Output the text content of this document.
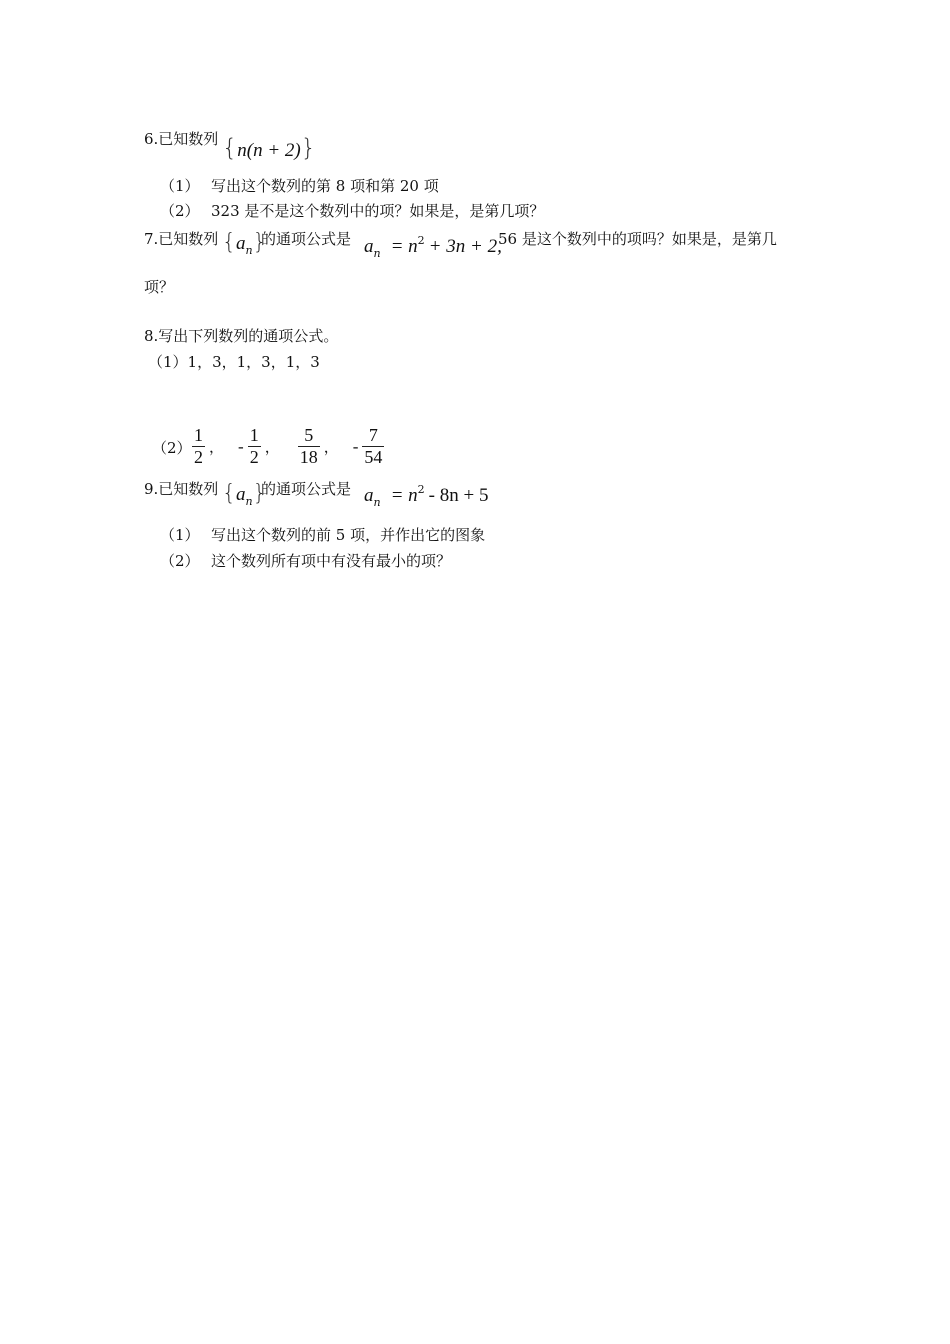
6.已知数列 {n(n + 2)}
（1） 写出这个数列的第 8 项和第 20 项
（2） 323 是不是这个数列中的项？如果是，是第几项？
7.已知数列 $\{a_n\}$
的通项公式是 $a_n = n^2 + 3n + 2$,
56 是这个数列中的项吗？如果是，是第几
项？
8.写出下列数列的通项公式。
（1）1，3，1，3，1，3
$(2) \frac{1}{2}$ ， - $\frac{1}{2}$ ， $\frac{5}{18}$ ， - $\frac{7}{54}$
9.已知数列 $\{a_n\}$
的通项公式是 $a_n = n^2 - 8n + 5$
（1） 写出这个数列的前 5 项，并作出它的图象
（2） 这个数列所有项中有没有最小的项？
